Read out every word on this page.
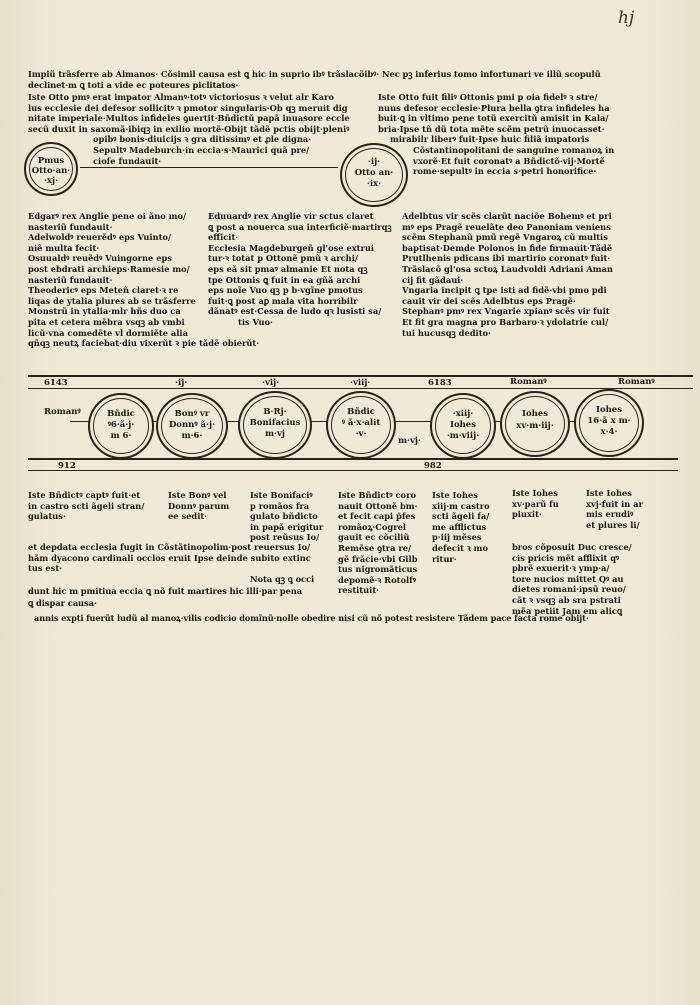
hj
Impiũ trãsferre ab Almanos· Cõsimil causa est ꝗ hic in suprio ibꝰ trãslacõibꝰ· Nec pꝫ inferius tomo infortunari ve illũ scopulũ
declinet·m ꝗ toti a vide ec poteures piclitatos·
Iste Otto pmꝰ erat impator Almanꝰ·totꝰ victoriosus ꝛ velut alr Karo
lus ecclesie dei defesor sollicitꝰ ꝛ pmotor singularis·Ob qꝫ meruit dig
nitate imperiale·Multos infideles ꝯuertit·Bñdictũ papã inuasore eccle
secũ duxit in saxomã·ibiqꝫ in exilio mortẽ·Obijt tãdẽ pctis obijt·pleniꝰ
opibꝰ bonis·diuicijs ꝛ gra ditissimꝰ et ꝓle digna·
Sepultꝰ Madeburch·in eccia·s·Maurici quã pre/
cioſe fundauit·
Iste Otto fuit filiꝰ Ottonis pmi p oia fidelꝰ ꝛ stre/
nuus defesor ecclesie·Plura bella ꝯtra infideles ha
buit·ꝗ in vltimo pene totũ exercitũ amisit in Kala/
bria·Ipse tñ dũ tota mẽte scẽm petrũ inuocasset·
mirabilr liberꝰ fuit·Ipse huic filiã impatoris
Cõstantinopolitani de sanguine romanoꝝ in
vxorẽ·Et fuit coronatꝰ a Bñdictõ·vij·Mortẽ
rome·sepultꝰ in eccia s·petri honorifice·
Pmus
Otto·an·
·xj·
·ij·
Otto an·
·ix·
Edgarꝰ rex Anglie pene oi ãno mo/
nasteriũ fundauit·
Adelwoldꝰ reuerẽdꝰ eps Vuinto/
niẽ multa fecit·
Osuualdꝰ reuẽdꝰ Vuingorne eps
post ebdrati archieps·Ramesie mo/
nasteriũ fundauit·
Theodericꝰ eps Meteñ claret·ꝛ re
liqas de ytalia plures ab se trãsferre
Monstrũ in ytalia·mlr hñs duo ca
pita et cetera mẽbra vsqꝫ ab vmbi
licũ·vna comedẽte vl dormiẽte alia
qñqꝫ neutꝝ faciebat·diu vixerũt ꝛ pie tãdẽ obierũt·
Eduuardꝰ rex Anglie vir sctus claret
ꝗ post a nouerca sua interficiẽ·martirqꝫ
efficit·
Ecclesia Magdeburgeñ gl'ose extrui
tur·ꝛ totat p Ottonẽ pmũ ꝛ archi/
eps eã sit pmaꝰ almanie Et nota qꝫ
tpe Ottonis ꝗ fuit in ea gñã archi
eps noĩe Vuo qꝫ p b·vgĩne pmotus
fuit·ꝗ post aꝑ mala vita horribilr
dãnatꝰ est·Cessa de ludo qꝛ lusisti sa/
tis Vuo·
Adelbtus vir scẽs clarũt naciõe Bohemꝰ et pri
mꝰ eps Pragẽ reuelãte deo Panoniam veniens
scẽm Stephanũ pmũ regẽ Vngaroꝝ cũ multis
baptisat·Demde Polonos in fide firmauit·Tãdẽ
Prutlhenis pdicans ibi martirio coronatꝰ fuit·
Trãslacõ gl'osa sctoꝝ Laudvoldi Adriani Aman
cij fit gãdaui·
Vngaria incipit ꝗ tpe isti ad fidẽ·vbi pmo pdi
cauit vir dei scẽs Adelbtus eps Pragẽ·
Stephanꝰ pmꝰ rex Vngarie xpianꝰ scẽs vir fuit
Et fit gra magna pro Barbaro·ꝛ ydolatrie cul/
tui hucusqꝫ dedito·
6143	·ij·	·vij·	·viij·	6183	Romanꝰ	Romanꝰ
Romanꝰ
m·vj·
912	982
Bñdic
ꝰ6·ã·j·
m 6·
Bonꝰ vr
Donnꝰ ã·j·
m·6·
B·Rj·
Bonifacius
m·vj
Bñdic
ꝰ ã·x·alit
·v·
·xiij·
Iohes
·m·viij·
Iohes
xv·m·iij·
Iohes
16·ã x m·
x·4·
Iste Bñdictꝰ captꝰ fuit·et
in castro scti ãgeli stran/
gulatus·
Iste Bonꝰ vel
Donnꝰ parum
ee sedit·
Iste Bonifaciꝰ
p romãos fra
gulato bñdicto
in papã erigitur
post reũsus Io/
Iste Bñdictꝰ coro
nauit Ottonẽ bm·
et fecit capi p̄fes
romãoꝝ·Cogrel
gauit ec cõciliũ
Remẽse ꝯtra re/
gẽ frãcie·vbi Gilb
tus nigromãticus
depomẽ·ꝛ Rotolfꝰ
restituit·
Iste Iohes
xiij·m castro
scti ãgeli fa/
me afflictus
p·iij mẽses
defecit ꝛ mo
ritur·
Iste Iohes
xv·parũ fu
piuxit·
Iste Iohes
xvj·fuit in ar
mis erudiꝰ
et plures li/
bros cõposuit Duc cresce/
cis pricis mẽt afflixit qꝰ
pbrẽ exuerit·ꝛ ymp·a/
tore nucios mittet Qꝰ au
dietes romani·ipsũ reuo/
cãt ꝛ vsqꝫ ab sra pstrati
mẽa petiit Jam em alicꝗ
et depdata ecclesia fugit in Cõstãtinopolim·post reuersus Io/
hãm dyacono cardinali occlos eruit Ipse deinde subito extinc
tus est·
Nota qꝫ ꝗ occi
dunt hic m pmitiua eccia ꝗ nõ fuit martires hic illi·par pena
ꝗ dispar causa·
annis expti fuerũt ludũ al manoꝝ·vilis codicio domĩnũ·nolle obedire nisi cũ nõ potest resistere Tãdem pace facta rome obijt·
